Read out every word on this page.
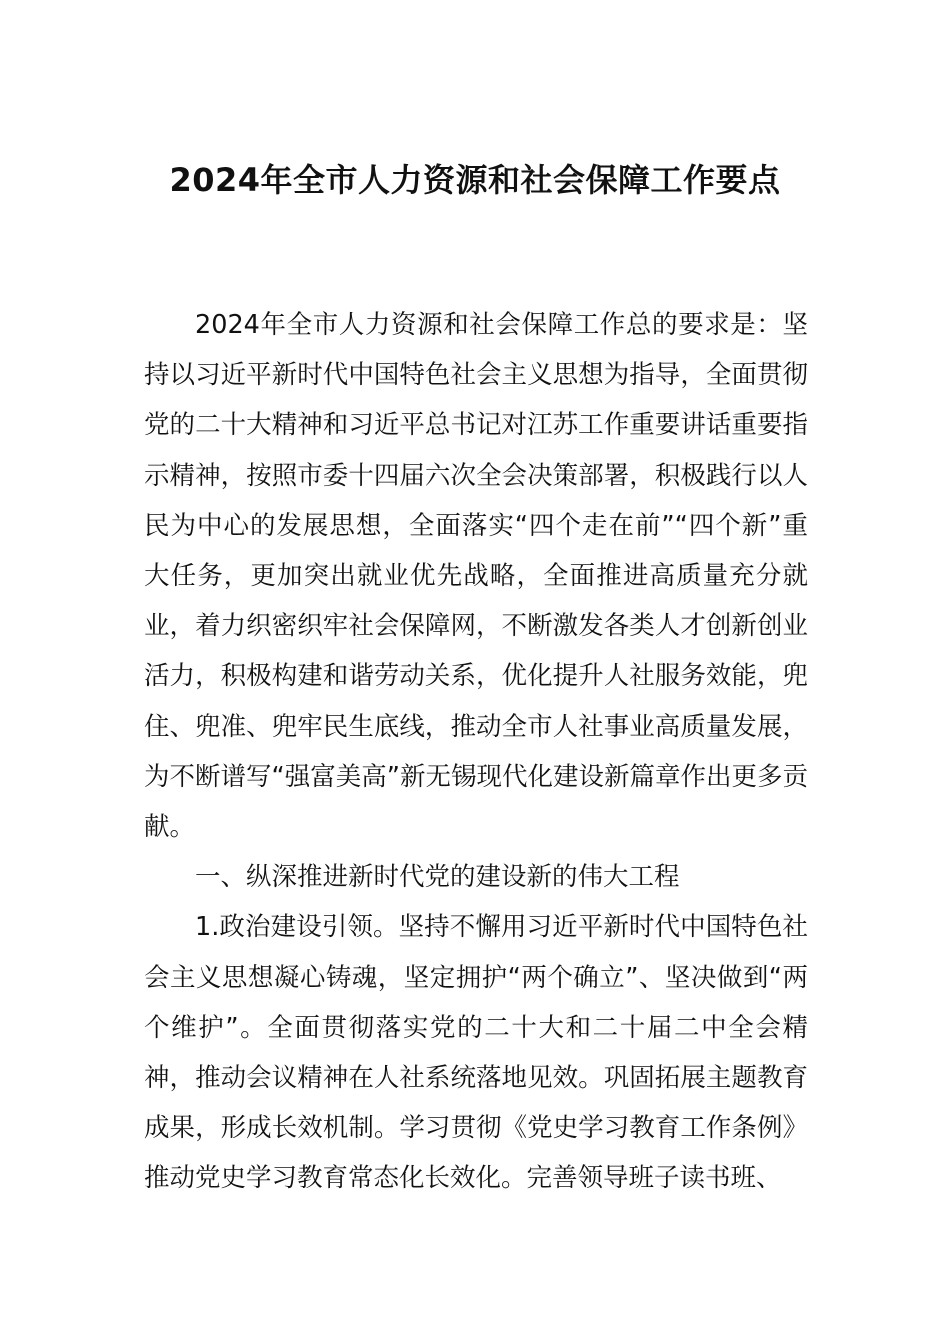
2024年全市人力资源和社会保障工作要点

2024年全市人力资源和社会保障工作总的要求是：坚持以习近平新时代中国特色社会主义思想为指导，全面贯彻党的二十大精神和习近平总书记对江苏工作重要讲话重要指示精神，按照市委十四届六次全会决策部署，积极践行以人民为中心的发展思想，全面落实“四个走在前”“四个新”重大任务，更加突出就业优先战略，全面推进高质量充分就业，着力织密织牢社会保障网，不断激发各类人才创新创业活力，积极构建和谐劳动关系，优化提升人社服务效能，兜住、兜准、兜牢民生底线，推动全市人社事业高质量发展，为不断谱写“强富美高”新无锡现代化建设新篇章作出更多贡献。

一、纵深推进新时代党的建设新的伟大工程

1.政治建设引领。坚持不懈用习近平新时代中国特色社会主义思想凝心铸魂，坚定拥护“两个确立”、坚决做到“两个维护”。全面贯彻落实党的二十大和二十届二中全会精神，推动会议精神在人社系统落地见效。巩固拓展主题教育成果，形成长效机制。学习贯彻《党史学习教育工作条例》推动党史学习教育常态化长效化。完善领导班子读书班、
